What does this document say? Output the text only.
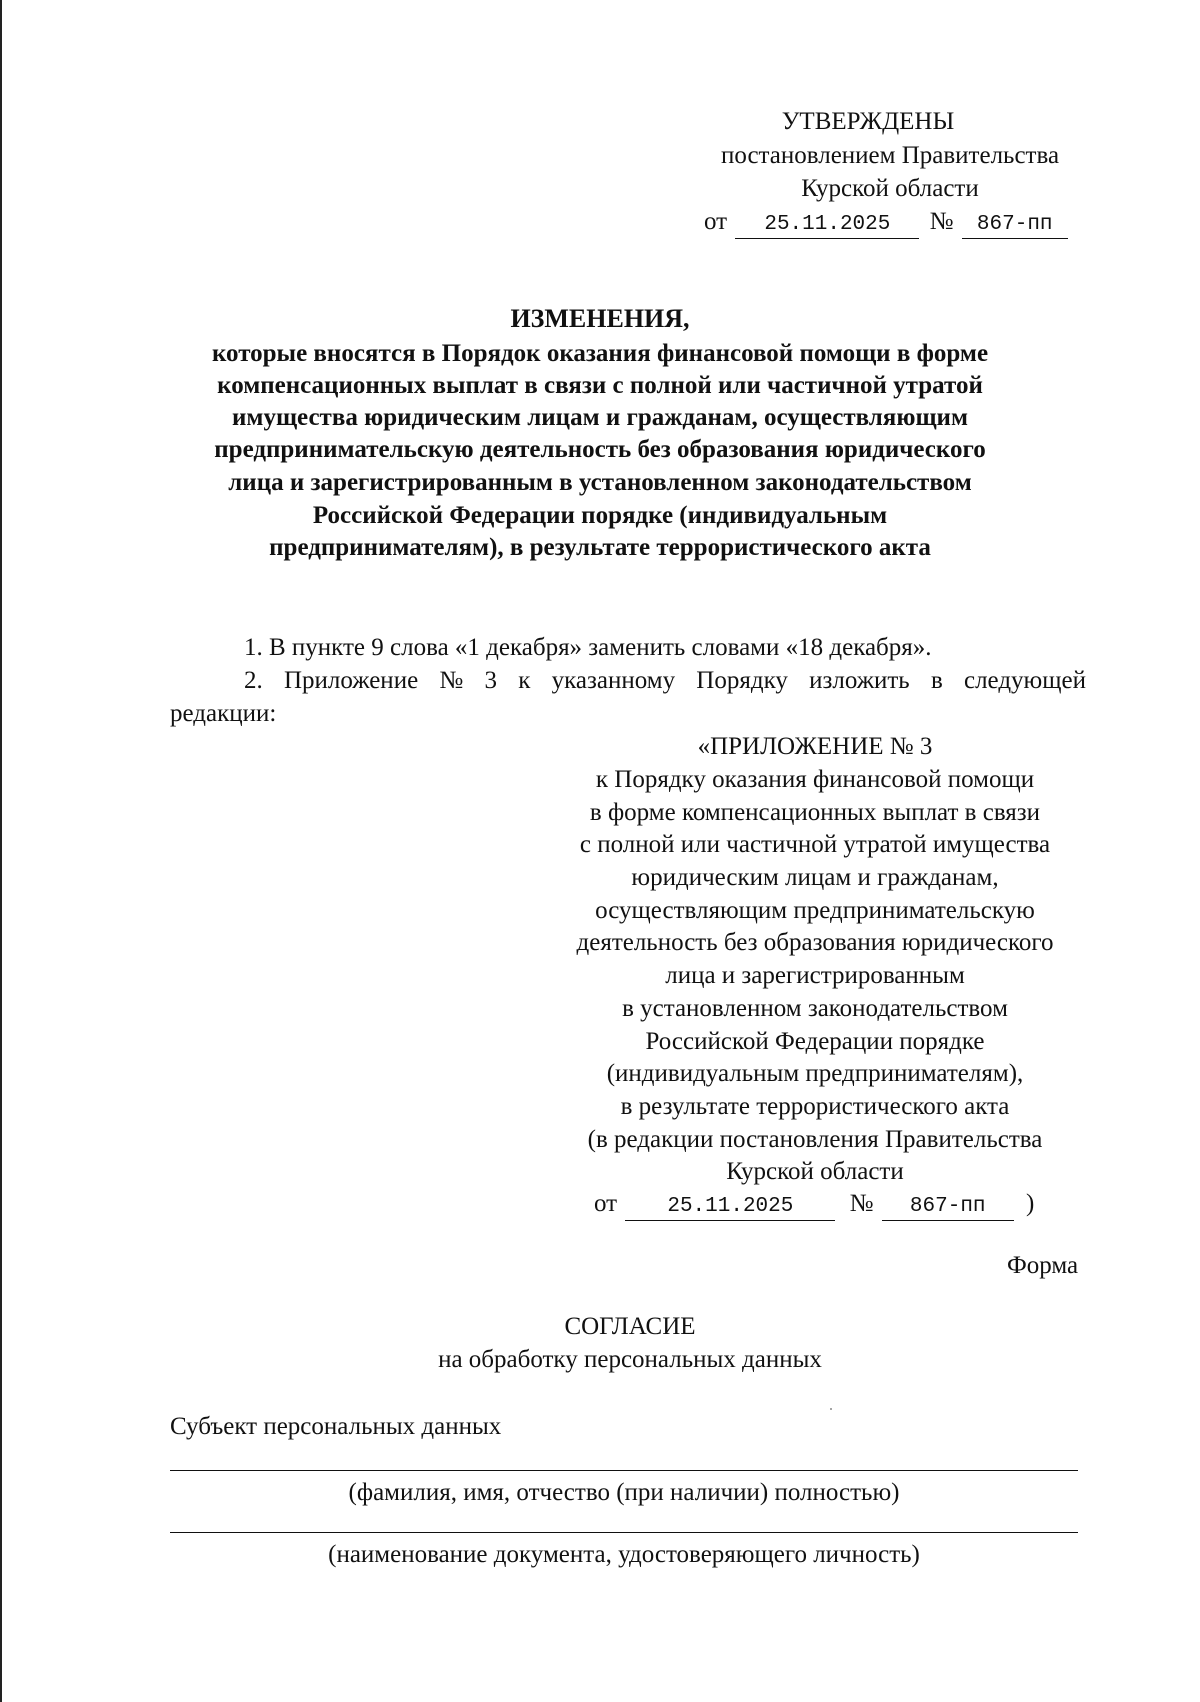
УТВЕРЖДЕНЫ
постановлением Правительства
Курской области
от 25.11.2025 № 867-пп
ИЗМЕНЕНИЯ,
которые вносятся в Порядок оказания финансовой помощи в форме
компенсационных выплат в связи с полной или частичной утратой
имущества юридическим лицам и гражданам, осуществляющим
предпринимательскую деятельность без образования юридического
лица и зарегистрированным в установленном законодательством
Российской Федерации порядке (индивидуальным
предпринимателям), в результате террористического акта
1. В пункте 9 слова «1 декабря» заменить словами «18 декабря».
2. Приложение № 3 к указанному Порядку изложить в следующей
редакции:
«ПРИЛОЖЕНИЕ № 3
к Порядку оказания финансовой помощи
в форме компенсационных выплат в связи
с полной или частичной утратой имущества
юридическим лицам и гражданам,
осуществляющим предпринимательскую
деятельность без образования юридического
лица и зарегистрированным
в установленном законодательством
Российской Федерации порядке
(индивидуальным предпринимателям),
в результате террористического акта
(в редакции постановления Правительства
Курской области
от 25.11.2025 № 867-пп )
Форма
СОГЛАСИЕ
на обработку персональных данных
Субъект персональных данных
(фамилия, имя, отчество (при наличии) полностью)
(наименование документа, удостоверяющего личность)
